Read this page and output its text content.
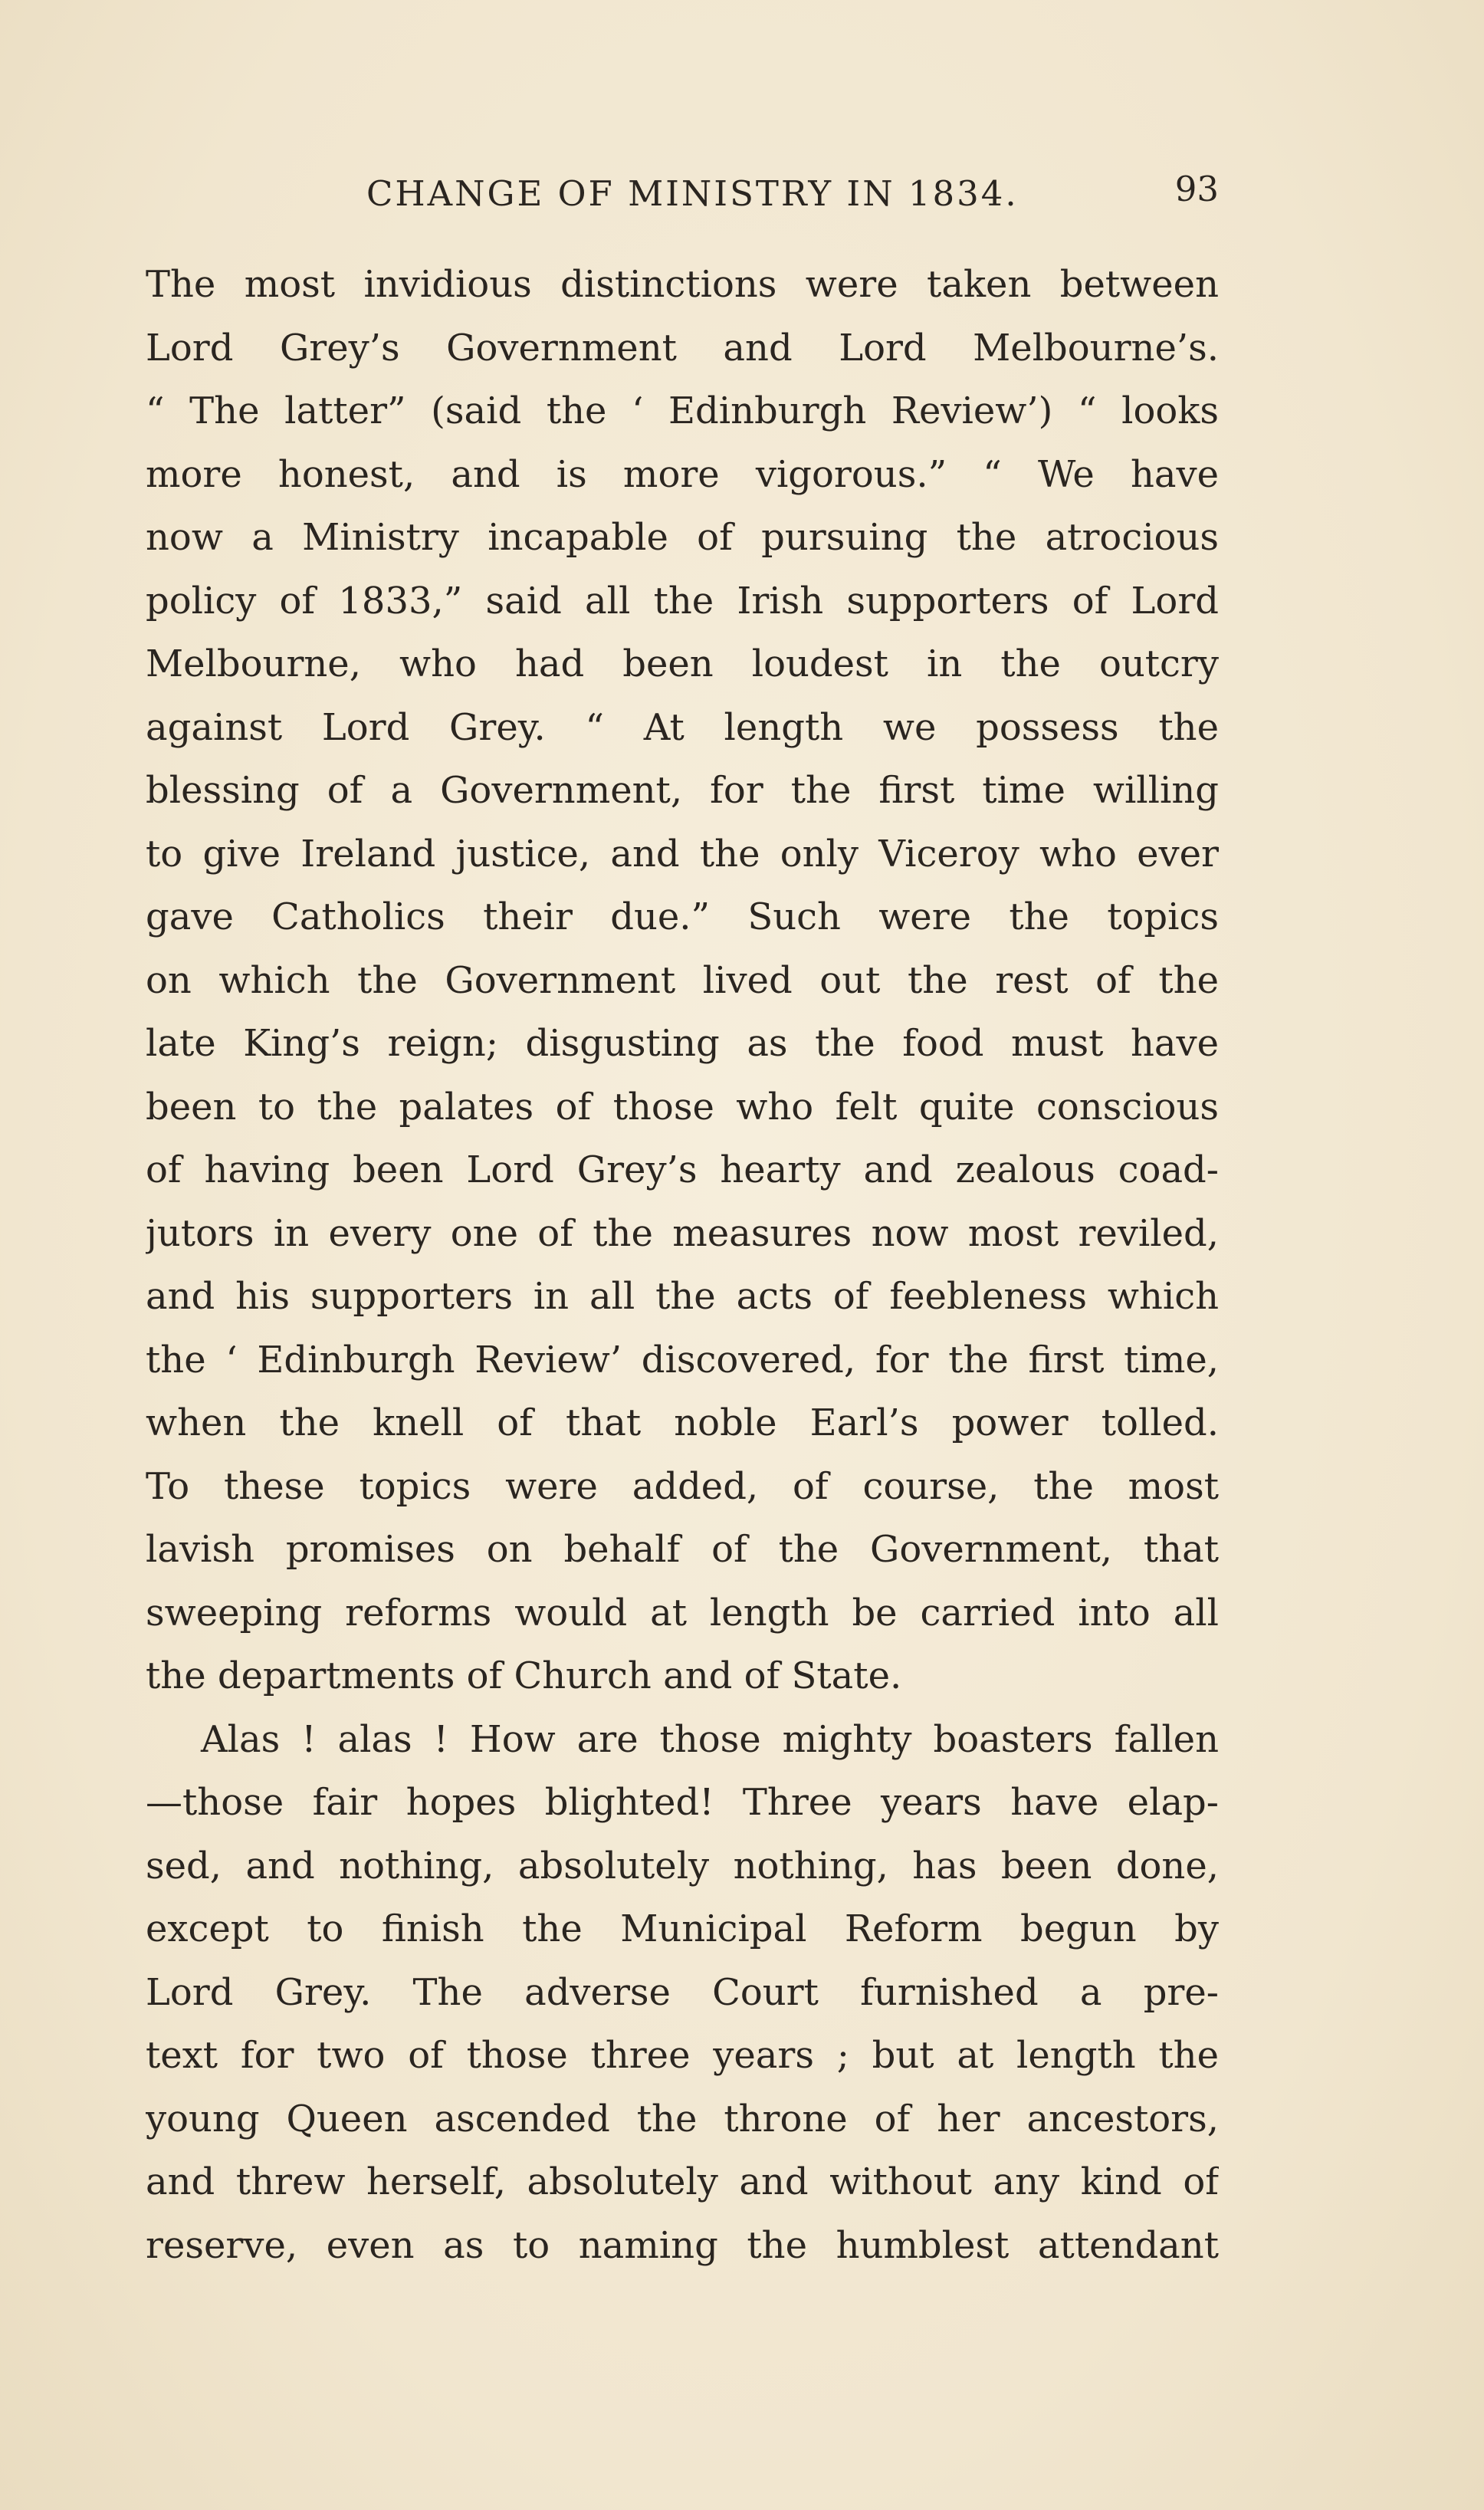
CHANGE OF MINISTRY IN 1834.	93
The most invidious distinctions were taken between
Lord Grey’s Government and Lord Melbourne’s.
“ The latter” (said the ‘ Edinburgh Review’) “ looks
more honest, and is more vigorous.” “ We have
now a Ministry incapable of pursuing the atrocious
policy of 1833,” said all the Irish supporters of Lord
Melbourne, who had been loudest in the outcry
against Lord Grey. “ At length we possess the
blessing of a Government, for the first time willing
to give Ireland justice, and the only Viceroy who ever
gave Catholics their due.” Such were the topics
on which the Government lived out the rest of the
late King’s reign; disgusting as the food must have
been to the palates of those who felt quite conscious
of having been Lord Grey’s hearty and zealous coad-
jutors in every one of the measures now most reviled,
and his supporters in all the acts of feebleness which
the ‘ Edinburgh Review’ discovered, for the first time,
when the knell of that noble Earl’s power tolled.
To these topics were added, of course, the most
lavish promises on behalf of the Government, that
sweeping reforms would at length be carried into all
the departments of Church and of State.
Alas ! alas ! How are those mighty boasters fallen
—those fair hopes blighted! Three years have elap-
sed, and nothing, absolutely nothing, has been done,
except to finish the Municipal Reform begun by
Lord Grey. The adverse Court furnished a pre-
text for two of those three years ; but at length the
young Queen ascended the throne of her ancestors,
and threw herself, absolutely and without any kind of
reserve, even as to naming the humblest attendant
